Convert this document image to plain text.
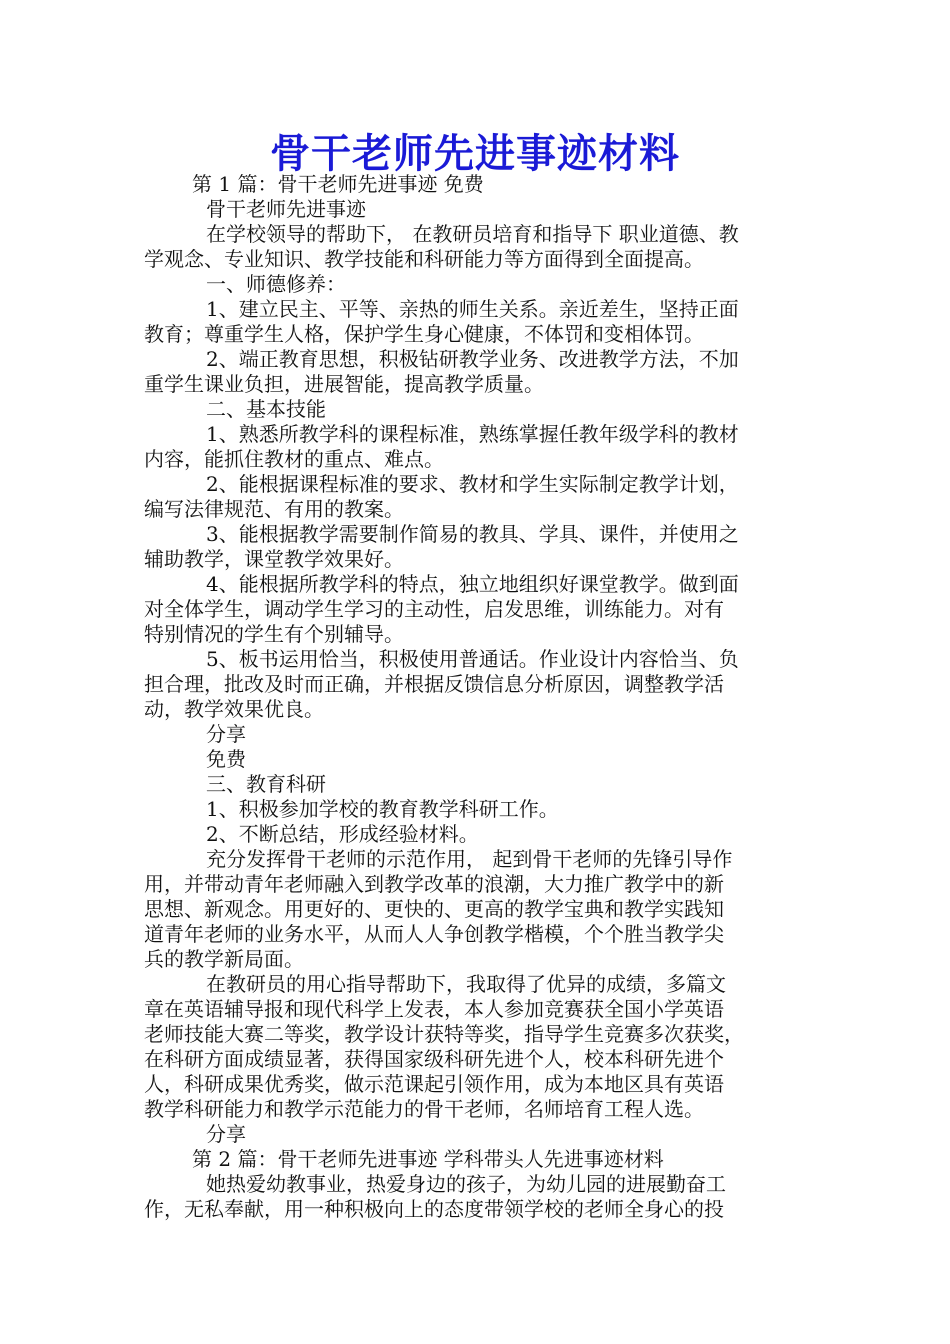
骨干老师先进事迹材料
第 1 篇：骨干老师先进事迹 免费
骨干老师先进事迹
在学校领导的帮助下， 在教研员培育和指导下 职业道德、教
学观念、专业知识、教学技能和科研能力等方面得到全面提高。
一、师德修养：
1、建立民主、平等、亲热的师生关系。亲近差生，坚持正面
教育；尊重学生人格，保护学生身心健康，不体罚和变相体罚。
2、端正教育思想，积极钻研教学业务、改进教学方法，不加
重学生课业负担，进展智能，提高教学质量。
二、基本技能
1、熟悉所教学科的课程标准，熟练掌握任教年级学科的教材
内容，能抓住教材的重点、难点。
2、能根据课程标准的要求、教材和学生实际制定教学计划，
编写法律规范、有用的教案。
3、能根据教学需要制作简易的教具、学具、课件，并使用之
辅助教学，课堂教学效果好。
4、能根据所教学科的特点，独立地组织好课堂教学。做到面
对全体学生，调动学生学习的主动性，启发思维，训练能力。对有
特别情况的学生有个别辅导。
5、板书运用恰当，积极使用普通话。作业设计内容恰当、负
担合理，批改及时而正确，并根据反馈信息分析原因，调整教学活
动，教学效果优良。
分享
免费
三、教育科研
1、积极参加学校的教育教学科研工作。
2、不断总结，形成经验材料。
充分发挥骨干老师的示范作用， 起到骨干老师的先锋引导作
用，并带动青年老师融入到教学改革的浪潮，大力推广教学中的新
思想、新观念。用更好的、更快的、更高的教学宝典和教学实践知
道青年老师的业务水平，从而人人争创教学楷模，个个胜当教学尖
兵的教学新局面。
在教研员的用心指导帮助下，我取得了优异的成绩，多篇文
章在英语辅导报和现代科学上发表，本人参加竞赛获全国小学英语
老师技能大赛二等奖，教学设计获特等奖，指导学生竞赛多次获奖，
在科研方面成绩显著，获得国家级科研先进个人，校本科研先进个
人，科研成果优秀奖，做示范课起引领作用，成为本地区具有英语
教学科研能力和教学示范能力的骨干老师，名师培育工程人选。
分享
第 2 篇：骨干老师先进事迹 学科带头人先进事迹材料
她热爱幼教事业，热爱身边的孩子，为幼儿园的进展勤奋工
作，无私奉献，用一种积极向上的态度带领学校的老师全身心的投
